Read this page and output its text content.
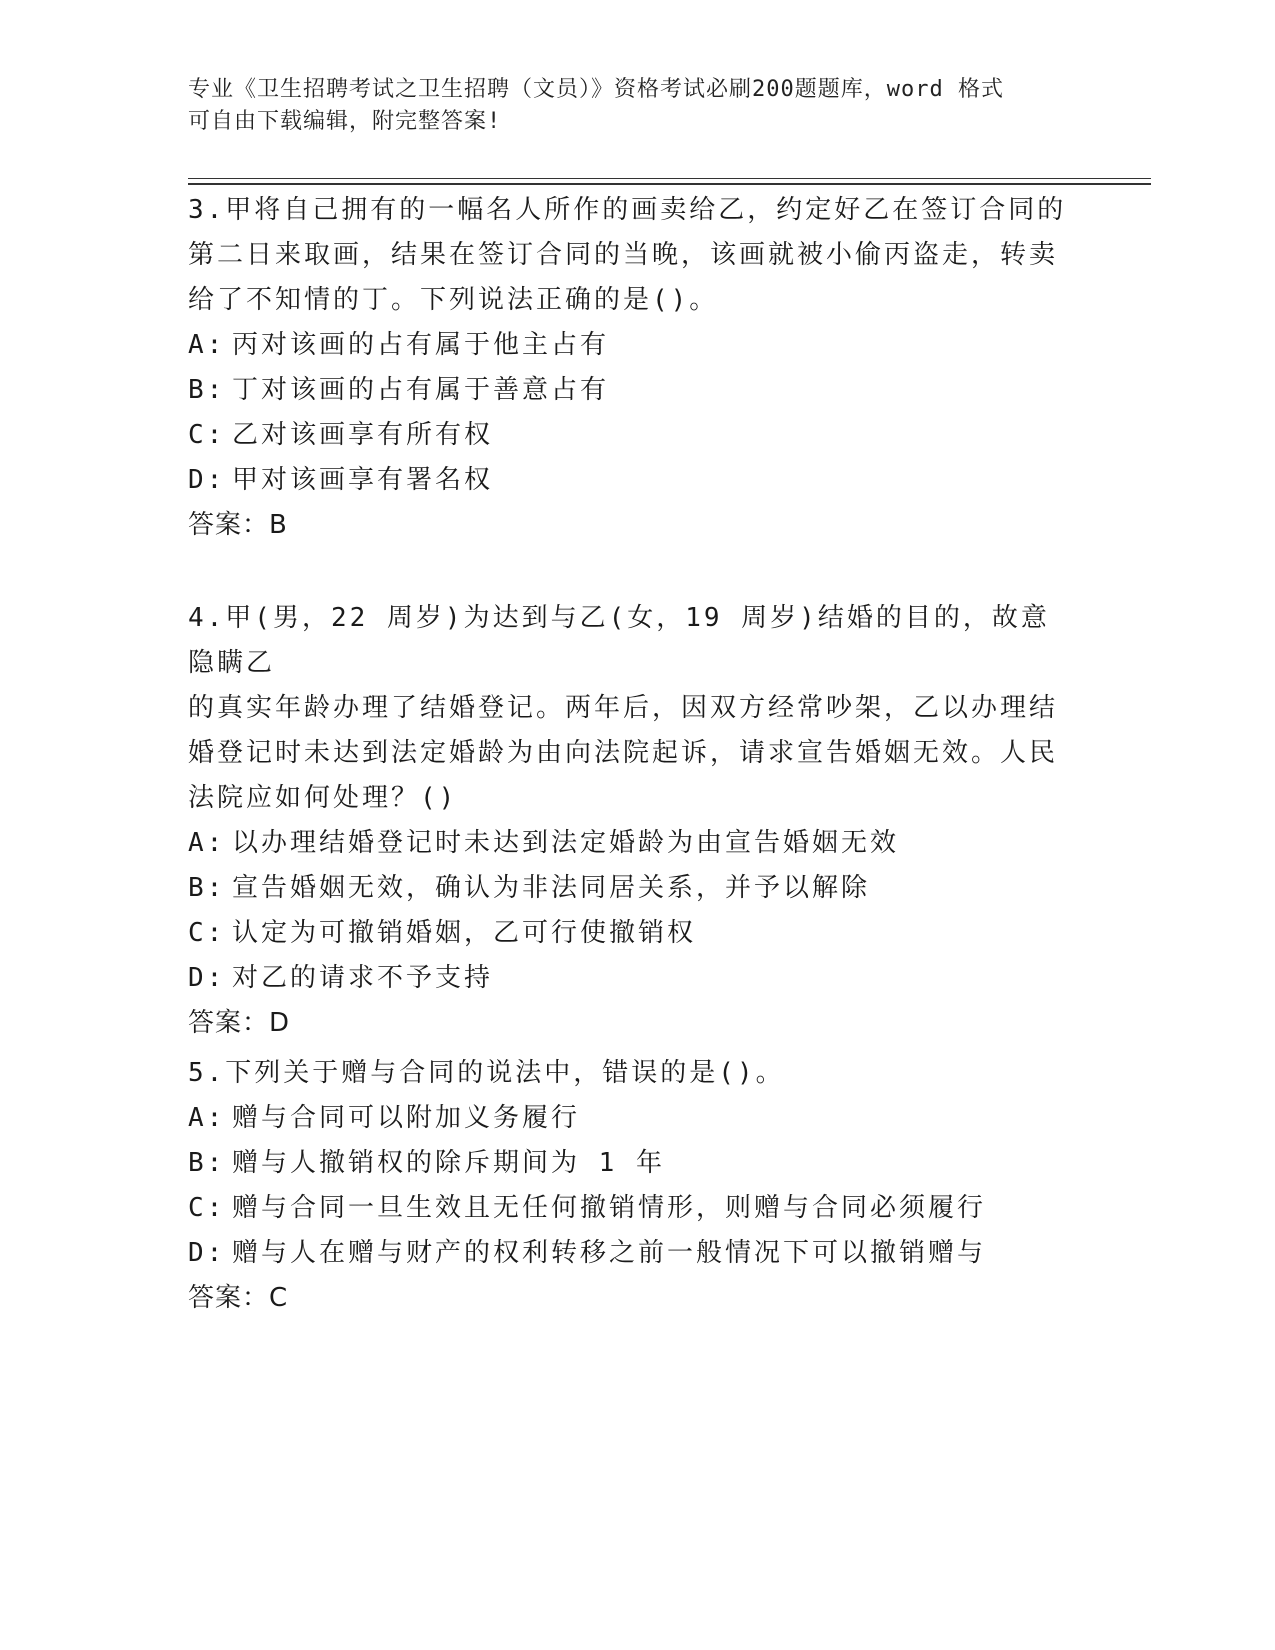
专业《卫生招聘考试之卫生招聘（文员）》资格考试必刷200题题库，word 格式
可自由下载编辑，附完整答案!

3.甲将自己拥有的一幅名人所作的画卖给乙，约定好乙在签订合同的

第二日来取画，结果在签订合同的当晚，该画就被小偷丙盗走，转卖

给了不知情的丁。下列说法正确的是()。

A: 丙对该画的占有属于他主占有

B: 丁对该画的占有属于善意占有

C: 乙对该画享有所有权

D: 甲对该画享有署名权

答案：B

4.甲(男，22 周岁)为达到与乙(女，19 周岁)结婚的目的，故意隐瞒乙

的真实年龄办理了结婚登记。两年后，因双方经常吵架，乙以办理结

婚登记时未达到法定婚龄为由向法院起诉，请求宣告婚姻无效。人民

法院应如何处理？()

A: 以办理结婚登记时未达到法定婚龄为由宣告婚姻无效

B: 宣告婚姻无效，确认为非法同居关系，并予以解除

C: 认定为可撤销婚姻，乙可行使撤销权

D: 对乙的请求不予支持

答案：D

5.下列关于赠与合同的说法中，错误的是()。

A: 赠与合同可以附加义务履行

B: 赠与人撤销权的除斥期间为 1 年

C: 赠与合同一旦生效且无任何撤销情形，则赠与合同必须履行

D: 赠与人在赠与财产的权利转移之前一般情况下可以撤销赠与

答案：C
